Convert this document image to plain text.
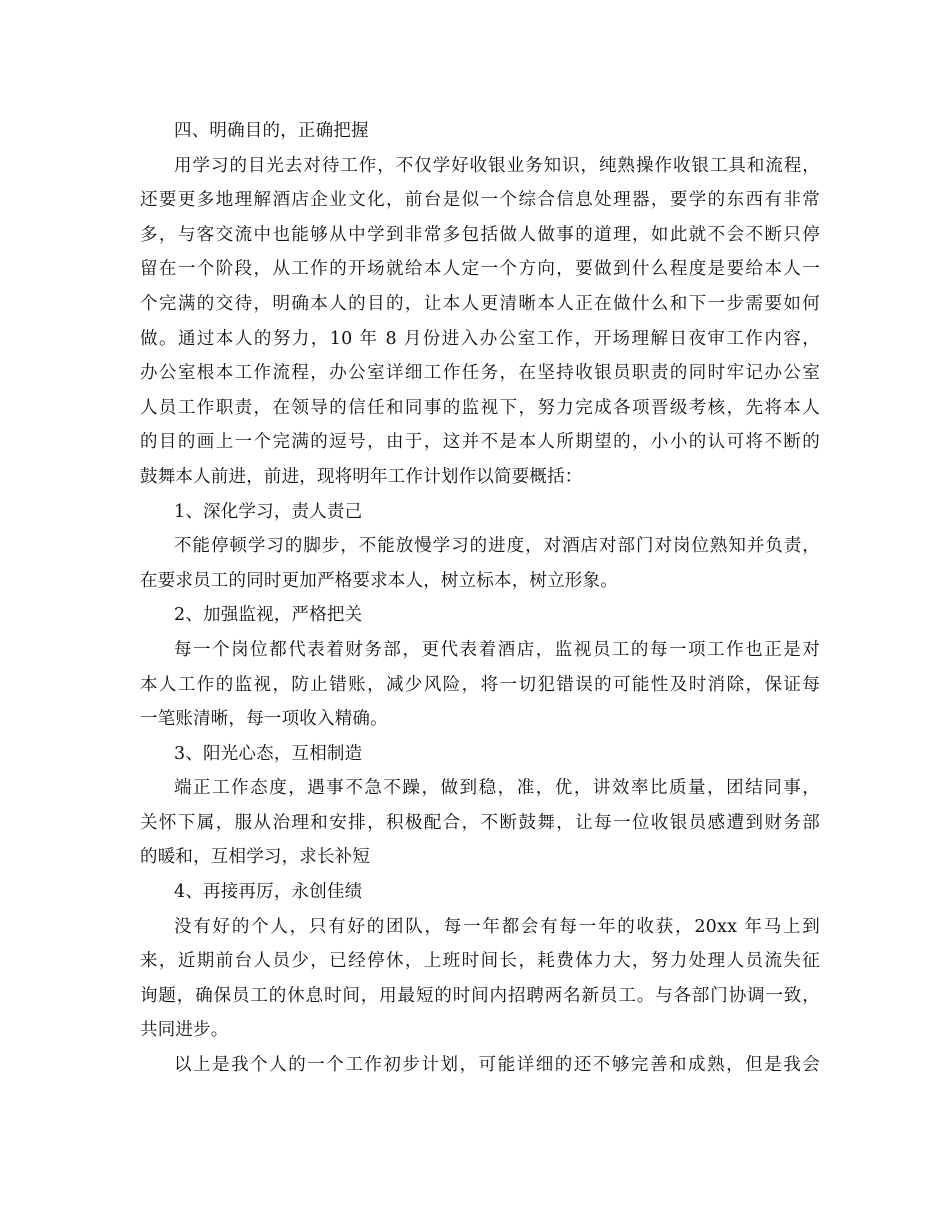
四、明确目的，正确把握
用学习的目光去对待工作，不仅学好收银业务知识，纯熟操作收银工具和流程，
还要更多地理解酒店企业文化，前台是似一个综合信息处理器，要学的东西有非常
多，与客交流中也能够从中学到非常多包括做人做事的道理，如此就不会不断只停
留在一个阶段，从工作的开场就给本人定一个方向，要做到什么程度是要给本人一
个完满的交待，明确本人的目的，让本人更清晰本人正在做什么和下一步需要如何
做。通过本人的努力，10 年 8 月份进入办公室工作，开场理解日夜审工作内容，
办公室根本工作流程，办公室详细工作任务，在坚持收银员职责的同时牢记办公室
人员工作职责，在领导的信任和同事的监视下，努力完成各项晋级考核，先将本人
的目的画上一个完满的逗号，由于，这并不是本人所期望的，小小的认可将不断的
鼓舞本人前进，前进，现将明年工作计划作以简要概括：
1、深化学习，责人责己
不能停顿学习的脚步，不能放慢学习的进度，对酒店对部门对岗位熟知并负责，
在要求员工的同时更加严格要求本人，树立标本，树立形象。
2、加强监视，严格把关
每一个岗位都代表着财务部，更代表着酒店，监视员工的每一项工作也正是对
本人工作的监视，防止错账，减少风险，将一切犯错误的可能性及时消除，保证每
一笔账清晰，每一项收入精确。
3、阳光心态，互相制造
端正工作态度，遇事不急不躁，做到稳，准，优，讲效率比质量，团结同事，
关怀下属，服从治理和安排，积极配合，不断鼓舞，让每一位收银员感遭到财务部
的暖和，互相学习，求长补短
4、再接再厉，永创佳绩
没有好的个人，只有好的团队，每一年都会有每一年的收获，20xx 年马上到
来，近期前台人员少，已经停休，上班时间长，耗费体力大，努力处理人员流失征
询题，确保员工的休息时间，用最短的时间内招聘两名新员工。与各部门协调一致，
共同进步。
以上是我个人的一个工作初步计划，可能详细的还不够完善和成熟，但是我会
